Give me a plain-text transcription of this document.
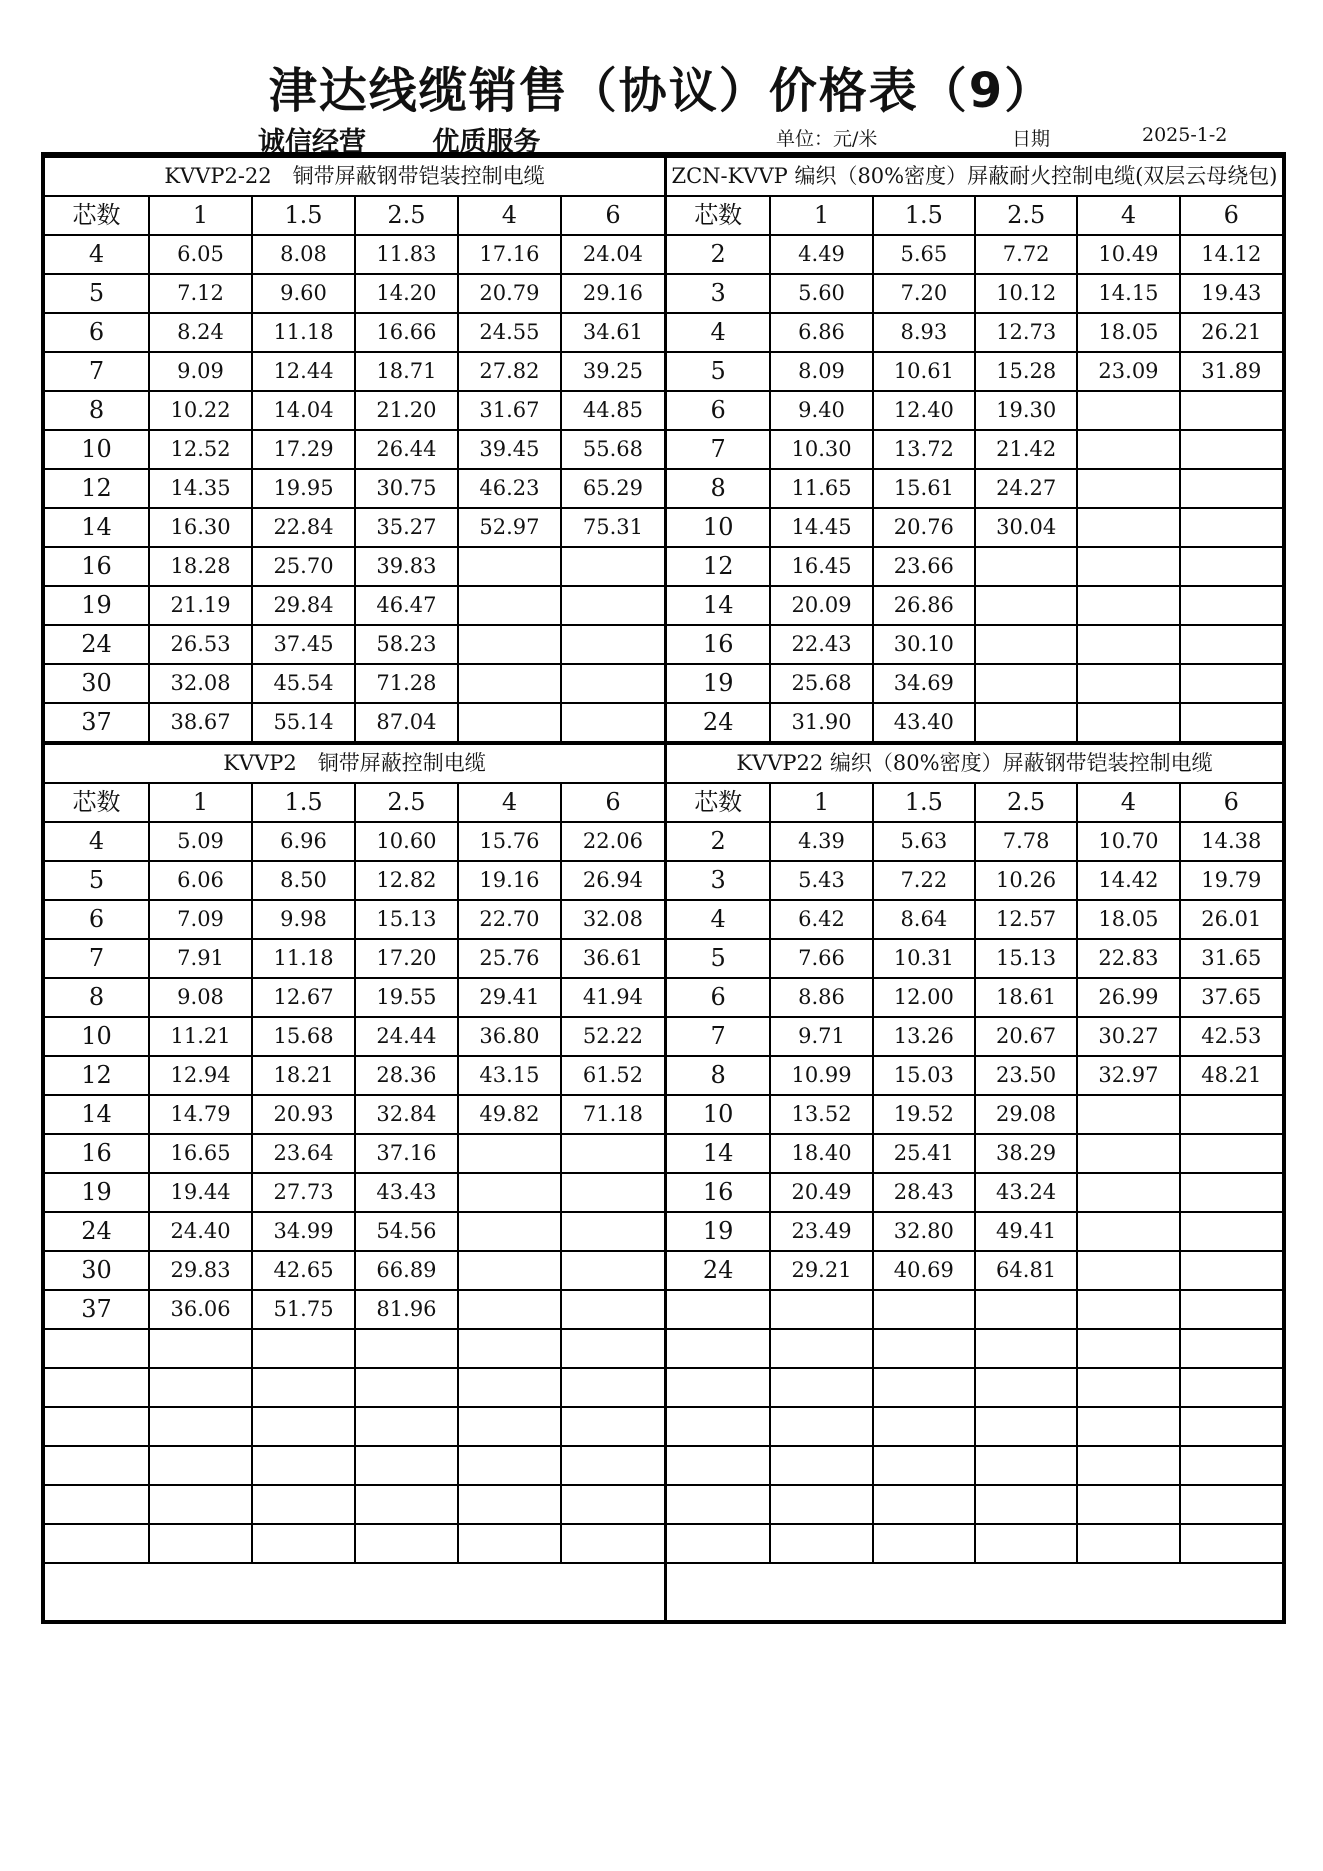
津达线缆销售（协议）价格表（9）
诚信经营　 优质服务	单位：元/米	日期	2025-1-2
KVVP2-22　铜带屏蔽钢带铠装控制电缆					
芯数	1	1.5	2.5	4	6
4	6.05	8.08	11.83	17.16	24.04
5	7.12	9.60	14.20	20.79	29.16
6	8.24	11.18	16.66	24.55	34.61
7	9.09	12.44	18.71	27.82	39.25
8	10.22	14.04	21.20	31.67	44.85
10	12.52	17.29	26.44	39.45	55.68
12	14.35	19.95	30.75	46.23	65.29
14	16.30	22.84	35.27	52.97	75.31
16	18.28	25.70	39.83		
19	21.19	29.84	46.47		
24	26.53	37.45	58.23		
30	32.08	45.54	71.28		
37	38.67	55.14	87.04		
KVVP2　铜带屏蔽控制电缆					
芯数	1	1.5	2.5	4	6
4	5.09	6.96	10.60	15.76	22.06
5	6.06	8.50	12.82	19.16	26.94
6	7.09	9.98	15.13	22.70	32.08
7	7.91	11.18	17.20	25.76	36.61
8	9.08	12.67	19.55	29.41	41.94
10	11.21	15.68	24.44	36.80	52.22
12	12.94	18.21	28.36	43.15	61.52
14	14.79	20.93	32.84	49.82	71.18
16	16.65	23.64	37.16		
19	19.44	27.73	43.43		
24	24.40	34.99	54.56		
30	29.83	42.65	66.89		
37	36.06	51.75	81.96		

ZCN-KVVP 编织（80%密度）屏蔽耐火控制电缆(双层云母绕包)					
芯数	1	1.5	2.5	4	6
2	4.49	5.65	7.72	10.49	14.12
3	5.60	7.20	10.12	14.15	19.43
4	6.86	8.93	12.73	18.05	26.21
5	8.09	10.61	15.28	23.09	31.89
6	9.40	12.40	19.30		
7	10.30	13.72	21.42		
8	11.65	15.61	24.27		
10	14.45	20.76	30.04		
12	16.45	23.66			
14	20.09	26.86			
16	22.43	30.10			
19	25.68	34.69			
24	31.90	43.40			
KVVP22 编织（80%密度）屏蔽钢带铠装控制电缆					
芯数	1	1.5	2.5	4	6
2	4.39	5.63	7.78	10.70	14.38
3	5.43	7.22	10.26	14.42	19.79
4	6.42	8.64	12.57	18.05	26.01
5	7.66	10.31	15.13	22.83	31.65
6	8.86	12.00	18.61	26.99	37.65
7	9.71	13.26	20.67	30.27	42.53
8	10.99	15.03	23.50	32.97	48.21
10	13.52	19.52	29.08		
14	18.40	25.41	38.29		
16	20.49	28.43	43.24		
19	23.49	32.80	49.41		
24	29.21	40.69	64.81		
